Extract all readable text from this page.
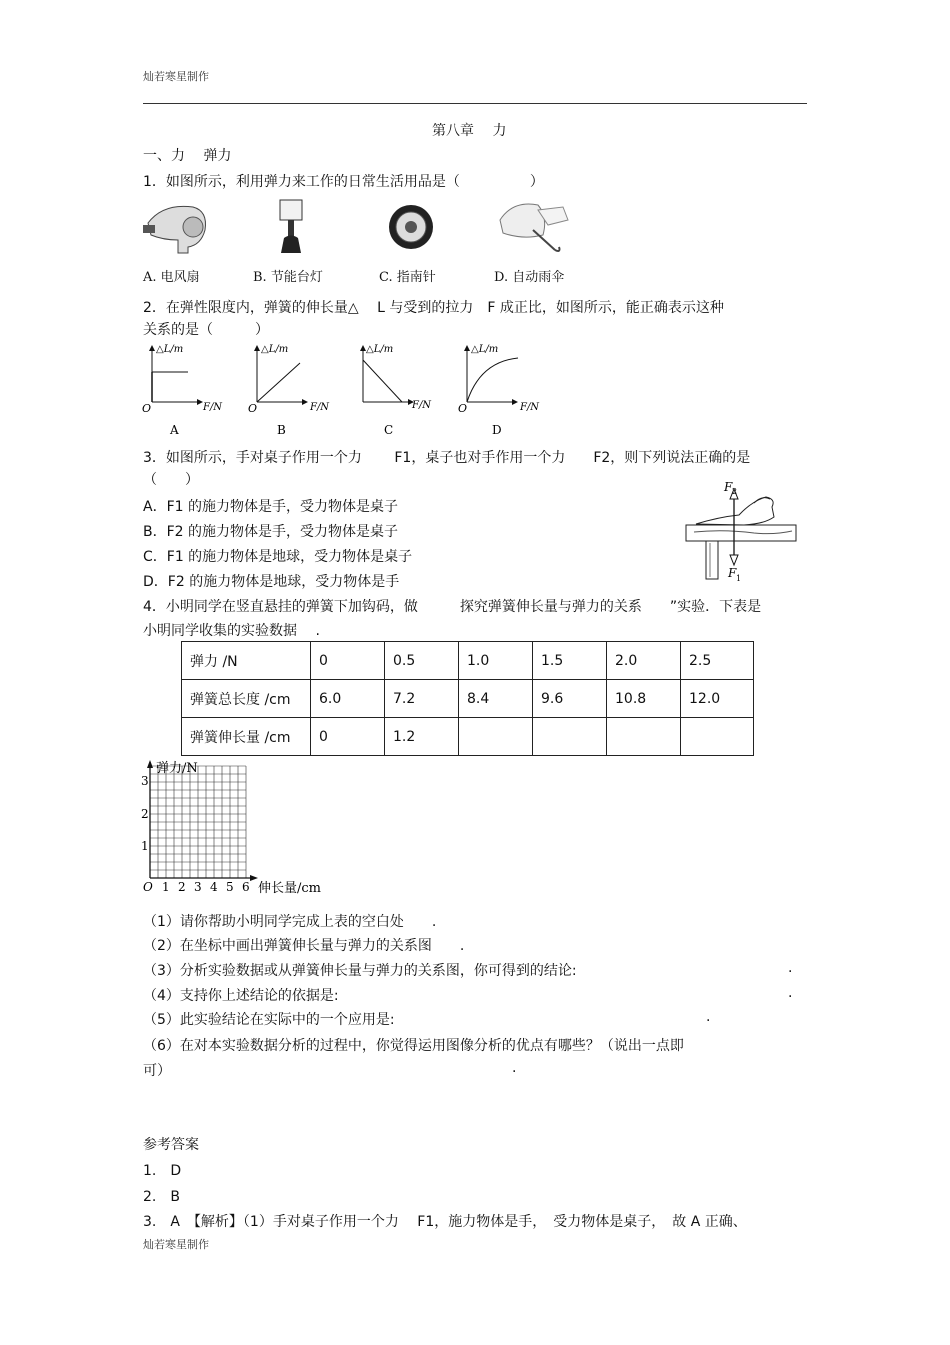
灿若寒星制作
第八章　 力
一、力　 弹力
1．如图所示，利用弹力来工作的日常生活用品是（　　　　　）
A. 电风扇	B. 节能台灯	C. 指南针	D. 自动雨伞
2．在弹性限度内，弹簧的伸长量△　 L 与受到的拉力　F 成正比，如图所示，能正确表示这种
关系的是（　　　）
△L/m
F/N
O
A
△L/m
F/N
O
B
△L/m
F/N
C
△L/m
F/N
O
D
3．如图所示，手对桌子作用一个力　　 F1，桌子也对手作用一个力　　F2，则下列说法正确的是
（　　）
A．F1 的施力物体是手，受力物体是桌子
B．F2 的施力物体是手，受力物体是桌子
C．F1 的施力物体是地球，受力物体是桌子
D．F2 的施力物体是地球，受力物体是手
F 2
F 1
4．小明同学在竖直悬挂的弹簧下加钩码，做　　　探究弹簧伸长量与弹力的关系　　”实验．下表是
小明同学收集的实验数据　 .
弹力 /N	0	0.5	1.0	1.5	2.0	2.5
弹簧总长度 /cm	6.0	7.2	8.4	9.6	10.8	12.0
弹簧伸长量 /cm	0	1.2				
弹力/N
伸长量/cm
O 1 2 3 4 5 6
1
2
3
（1）请你帮助小明同学完成上表的空白处　　.
（2）在坐标中画出弹簧伸长量与弹力的关系图　　.
（3）分析实验数据或从弹簧伸长量与弹力的关系图，你可得到的结论:	.
（4）支持你上述结论的依据是:	.
（5）此实验结论在实际中的一个应用是:	.
（6）在对本实验数据分析的过程中，你觉得运用图像分析的优点有哪些？（说出一点即
可）	.
参考答案
1.　D
2.　B
3.　A　【解析】（1）手对桌子作用一个力　 F1，施力物体是手，　受力物体是桌子，　故 A 正确、
灿若寒星制作
